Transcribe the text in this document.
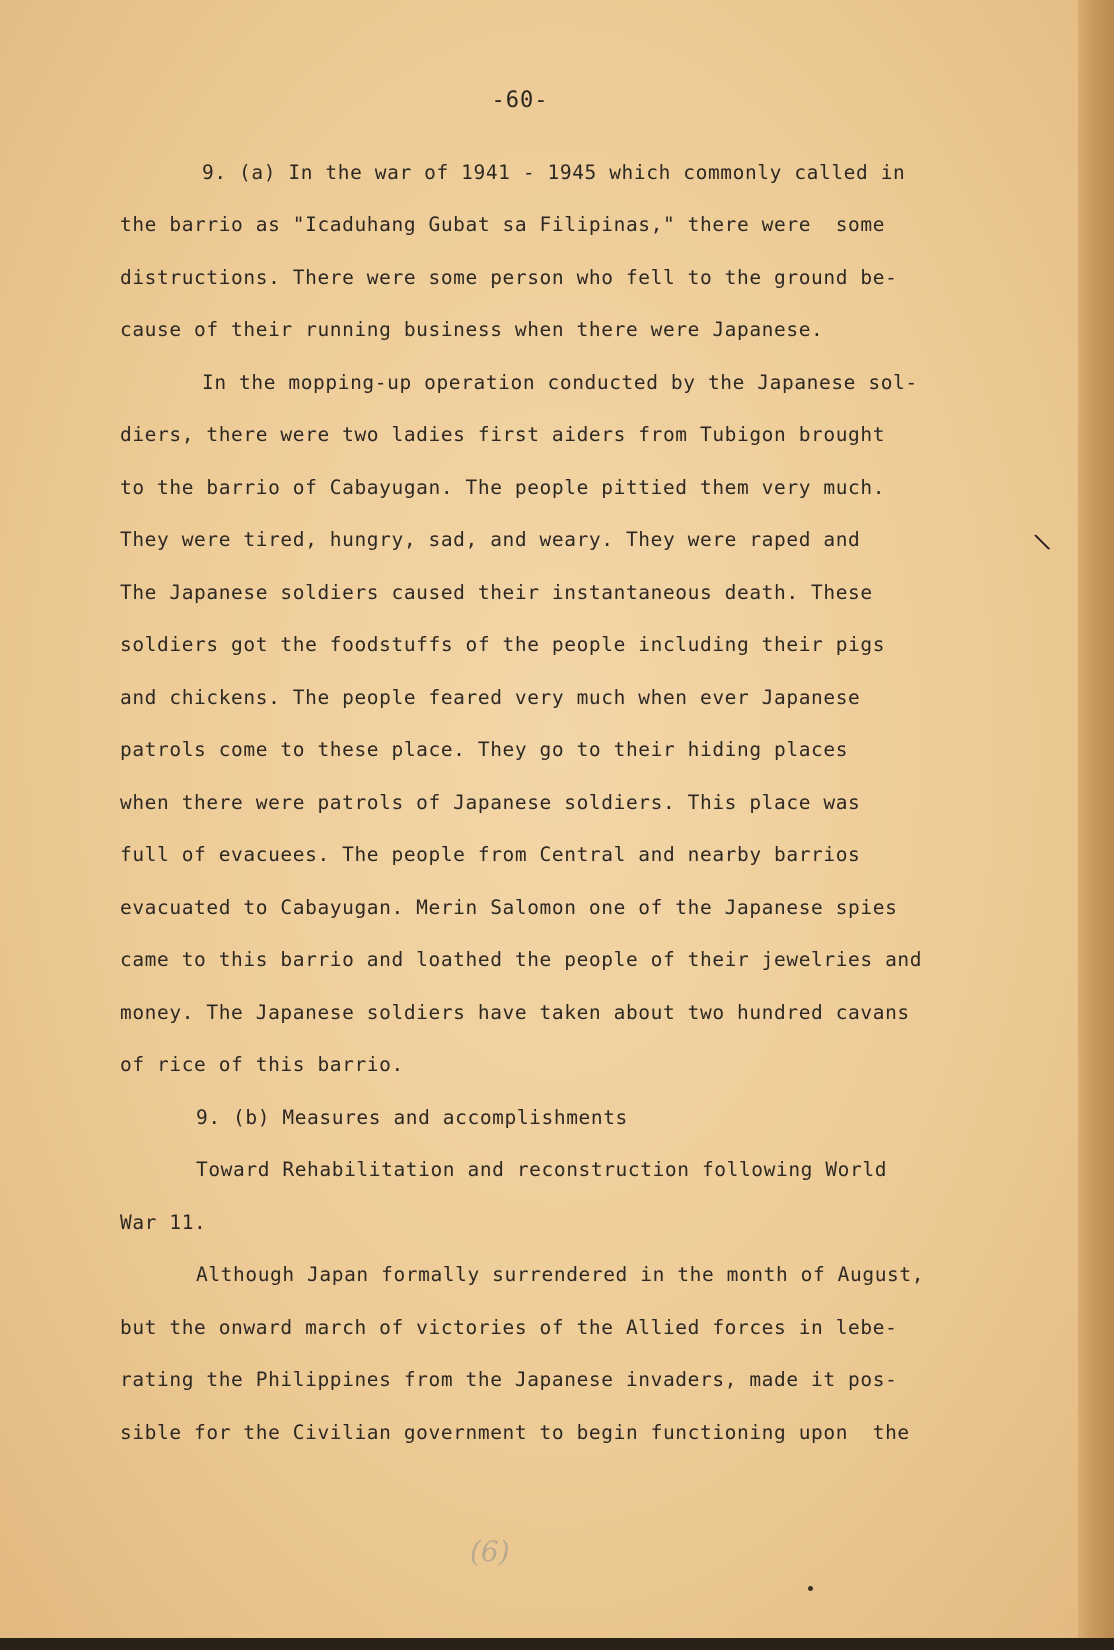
-60-
9. (a) In the war of 1941 - 1945 which commonly called in
the barrio as "Icaduhang Gubat sa Filipinas," there were  some
distructions. There were some person who fell to the ground be-
cause of their running business when there were Japanese.
In the mopping-up operation conducted by the Japanese sol-
diers, there were two ladies first aiders from Tubigon brought
to the barrio of Cabayugan. The people pittied them very much.
They were tired, hungry, sad, and weary. They were raped and
The Japanese soldiers caused their instantaneous death. These
soldiers got the foodstuffs of the people including their pigs
and chickens. The people feared very much when ever Japanese
patrols come to these place. They go to their hiding places
when there were patrols of Japanese soldiers. This place was
full of evacuees. The people from Central and nearby barrios
evacuated to Cabayugan. Merin Salomon one of the Japanese spies
came to this barrio and loathed the people of their jewelries and
money. The Japanese soldiers have taken about two hundred cavans
of rice of this barrio.
9. (b) Measures and accomplishments
Toward Rehabilitation and reconstruction following World
War 11.
Although Japan formally surrendered in the month of August,
but the onward march of victories of the Allied forces in lebe-
rating the Philippines from the Japanese invaders, made it pos-
sible for the Civilian government to begin functioning upon  the
\
(6)
